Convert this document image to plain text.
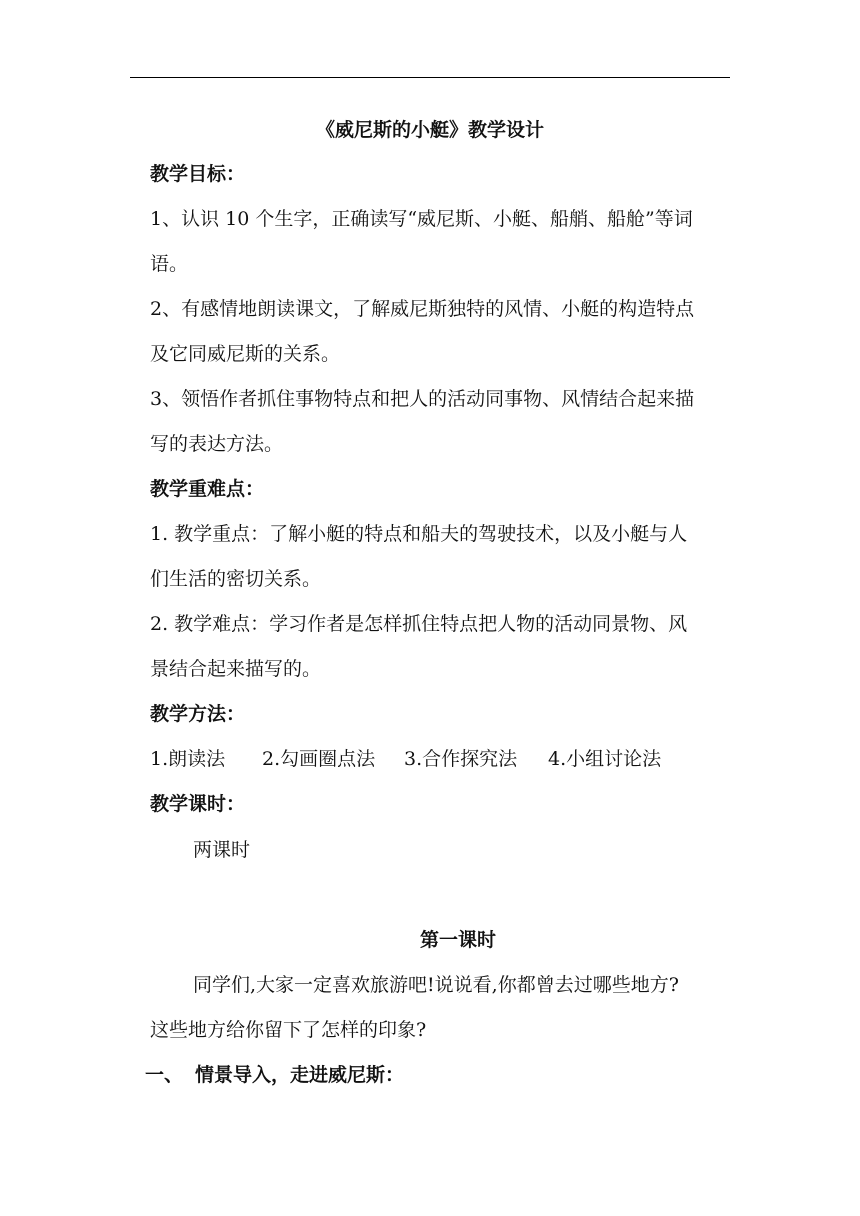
《威尼斯的小艇》教学设计
教学目标：
1、认识 10 个生字，正确读写“威尼斯、小艇、船艄、船舱”等词
语。
2、有感情地朗读课文，了解威尼斯独特的风情、小艇的构造特点
及它同威尼斯的关系。
3、领悟作者抓住事物特点和把人的活动同事物、风情结合起来描
写的表达方法。
教学重难点：
1. 教学重点：了解小艇的特点和船夫的驾驶技术，以及小艇与人
们生活的密切关系。
2. 教学难点：学习作者是怎样抓住特点把人物的活动同景物、风
景结合起来描写的。
教学方法：
1.朗读法 2.勾画圈点法 3.合作探究法 4.小组讨论法
教学课时：
两课时
第一课时
同学们,大家一定喜欢旅游吧!说说看,你都曾去过哪些地方?
这些地方给你留下了怎样的印象?
一、 情景导入，走进威尼斯：
